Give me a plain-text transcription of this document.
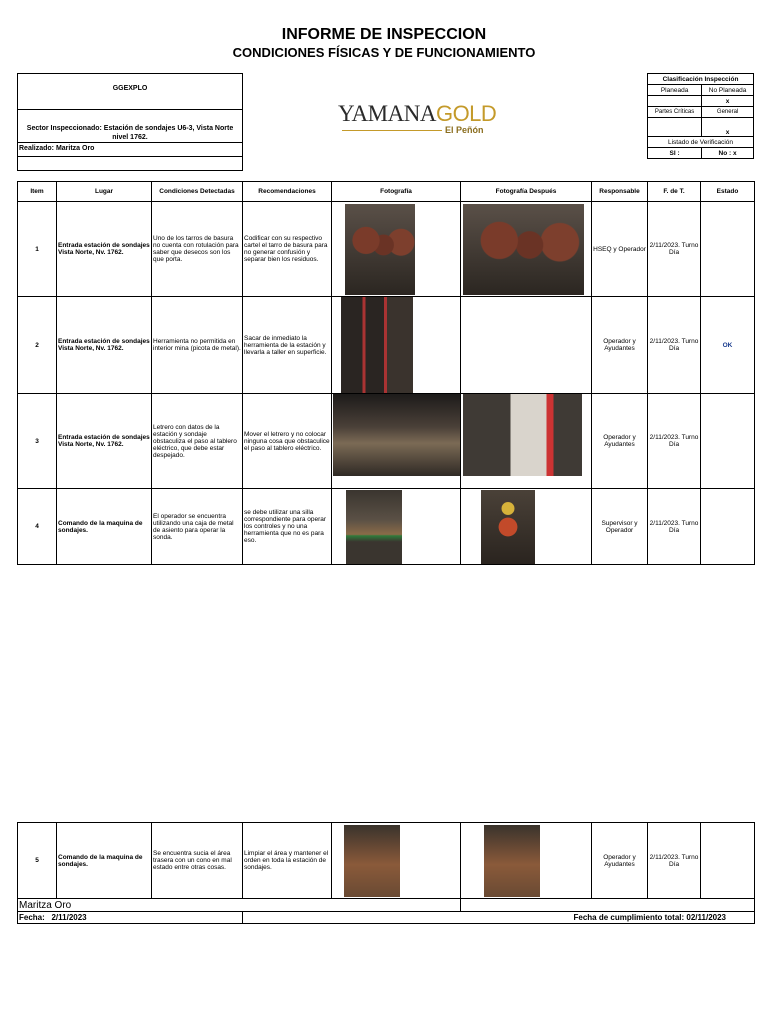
INFORME DE INSPECCION
CONDICIONES FÍSICAS Y DE FUNCIONAMIENTO
GGEXPLO
Sector Inspeccionado: Estación de sondajes U6-3, Vista Norte nivel 1762.
Realizado: Maritza Oro
YAMANAGOLD
El Peñón
Clasificación Inspección	
Planeada	No Planeada
	x
Partes Críticas	General
	x
Listado de Verificación	
SI :	No : x
Item	Lugar	Condiciones Detectadas	Recomendaciones	Fotografía	Fotografía Después	Responsable	F. de T.	Estado
1	Entrada estación de sondajes Vista Norte, Nv. 1762.	Uno de los tarros de basura no cuenta con rotulación para saber que desecos son los que porta.	Codificar con su respectivo cartel el tarro de basura para no generar confusión y separar bien los residuos.			HSEQ y Operador	2/11/2023. Turno Día	
2	Entrada estación de sondajes Vista Norte, Nv. 1762.	Herramienta no permitida en interior mina (picota de metal).	Sacar de inmediato la herramienta de la estación y llevarla a taller en superficie.			Operador y Ayudantes	2/11/2023. Turno Día	OK
3	Entrada estación de sondajes Vista Norte, Nv. 1762.	Letrero con datos de la estación y sondaje obstaculiza el paso al tablero eléctrico, que debe estar despejado.	Mover el letrero y no colocar ninguna cosa que obstaculice el paso al tablero eléctrico.			Operador y Ayudantes	2/11/2023. Turno Día	
4	Comando de la maquina de sondajes.	El operador se encuentra utilizando una caja de metal de asiento para operar la sonda.	se debe utilizar una silla correspondiente para operar los controles y no una herramienta que no es para eso.			Supervisor y Operador	2/11/2023. Turno Día	
5	Comando de la maquina de sondajes.	Se encuentra sucia el área trasera con un cono en mal estado entre otras cosas.	Limpiar el área y mantener el orden en toda la estación de sondajes.			Operador y Ayudantes	2/11/2023. Turno Día	
Maritza Oro								
Fecha: 2/11/2023			Fecha de cumplimiento total: 02/11/2023					
